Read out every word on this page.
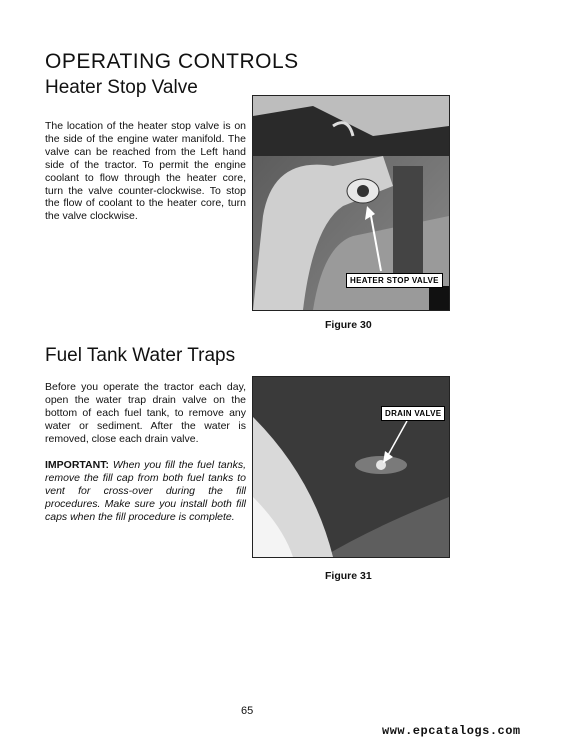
OPERATING CONTROLS
Heater Stop Valve
The location of the heater stop valve is on the side of the engine water manifold. The valve can be reached from the Left hand side of the tractor. To permit the engine coolant to flow through the heater core, turn the valve counter-clockwise. To stop the flow of coolant to the heater core, turn the valve clockwise.
HEATER STOP VALVE
Figure 30
Fuel Tank Water Traps
Before you operate the tractor each day, open the water trap drain valve on the bottom of each fuel tank, to remove any water or sediment. After the water is removed, close each drain valve.
IMPORTANT: When you fill the fuel tanks, remove the fill cap from both fuel tanks to vent for cross-over during the fill procedures. Make sure you install both fill caps when the fill procedure is complete.
DRAIN VALVE
Figure 31
65
www.epcatalogs.com
